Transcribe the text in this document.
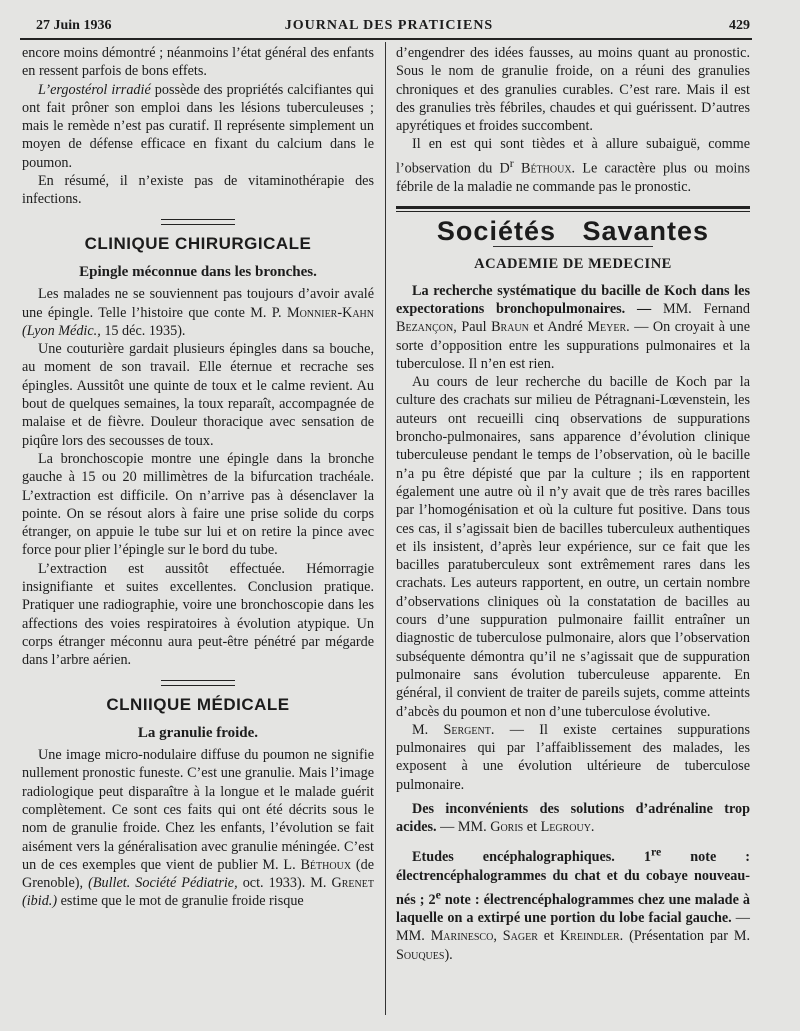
27 Juin 1936	JOURNAL DES PRATICIENS	429

encore moins démontré ; néanmoins l’état général des enfants en ressent parfois de bons effets.

L’ergostérol irradié possède des propriétés calcifiantes qui ont fait prôner son emploi dans les lésions tuberculeuses ; mais le remède n’est pas curatif. Il représente simplement un moyen de défense efficace en fixant du calcium dans le poumon.

En résumé, il n’existe pas de vitaminothérapie des infections.

CLINIQUE CHIRURGICALE
Epingle méconnue dans les bronches.

Les malades ne se souviennent pas toujours d’avoir avalé une épingle. Telle l’histoire que conte M. P. Monnier-Kahn (Lyon Médic., 15 déc. 1935).

Une couturière gardait plusieurs épingles dans sa bouche, au moment de son travail. Elle éternue et recrache ses épingles. Aussitôt une quinte de toux et le calme revient. Au bout de quelques semaines, la toux reparaît, accompagnée de malaise et de fièvre. Douleur thoracique avec sensation de piqûre lors des secousses de toux.

La bronchoscopie montre une épingle dans la bronche gauche à 15 ou 20 millimètres de la bifurcation trachéale. L’extraction est difficile. On n’arrive pas à désenclaver la pointe. On se résout alors à faire une prise solide du corps étranger, on appuie le tube sur lui et on retire la pince avec force pour plier l’épingle sur le bord du tube.

L’extraction est aussitôt effectuée. Hémorragie insignifiante et suites excellentes. Conclusion pratique. Pratiquer une radiographie, voire une bronchoscopie dans les affections des voies respiratoires à évolution atypique. Un corps étranger méconnu aura peut-être pénétré par mégarde dans l’arbre aérien.

CLNIIQUE MÉDICALE
La granulie froide.

Une image micro-nodulaire diffuse du poumon ne signifie nullement pronostic funeste. C’est une granulie. Mais l’image radiologique peut disparaître à la longue et le malade guérit complètement. Ce sont ces faits qui ont été décrits sous le nom de granulie froide. Chez les enfants, l’évolution se fait aisément vers la généralisation avec granulie méningée. C’est un de ces exemples que vient de publier M. L. Béthoux (de Grenoble), (Bullet. Société Pédiatrie, oct. 1933). M. Grenet (ibid.) estime que le mot de granulie froide risque

d’engendrer des idées fausses, au moins quant au pronostic. Sous le nom de granulie froide, on a réuni des granulies chroniques et des granulies curables. C’est rare. Mais il est des granulies très fébriles, chaudes et qui guérissent. D’autres apyrétiques et froides succombent.

Il en est qui sont tièdes et à allure subaiguë, comme l’observation du $D^r$ Béthoux. Le caractère plus ou moins fébrile de la maladie ne commande pas le pronostic.

Sociétés Savantes
ACADEMIE DE MEDECINE

La recherche systématique du bacille de Koch dans les expectorations bronchopulmonaires. — MM. Fernand Bezançon, Paul Braun et André Meyer. — On croyait à une sorte d’opposition entre les suppurations pulmonaires et la tuberculose. Il n’en est rien.

Au cours de leur recherche du bacille de Koch par la culture des crachats sur milieu de Pétragnani-Lœvenstein, les auteurs ont recueilli cinq observations de suppurations broncho-pulmonaires, sans apparence d’évolution clinique tuberculeuse pendant le temps de l’observation, où le bacille n’a pu être dépisté que par la culture ; ils en rapportent également une autre où il n’y avait que de très rares bacilles par l’homogénisation et où la culture fut positive. Dans tous ces cas, il s’agissait bien de bacilles tuberculeux authentiques et ils insistent, d’après leur expérience, sur ce fait que les bacilles paratuberculeux sont extrêmement rares dans les crachats. Les auteurs rapportent, en outre, un certain nombre d’observations cliniques où la constatation de bacilles au cours d’une suppuration pulmonaire faillit entraîner un diagnostic de tuberculose pulmonaire, alors que l’observation subséquente démontra qu’il ne s’agissait que de suppuration pulmonaire sans évolution tuberculeuse apparente. En général, il convient de traiter de pareils sujets, comme atteints d’abcès du poumon et non d’une tuberculose évolutive.

M. Sergent. — Il existe certaines suppurations pulmonaires qui par l’affaiblissement des malades, les exposent à une évolution ultérieure de tuberculose pulmonaire.

Des inconvénients des solutions d’adrénaline trop acides. — MM. Goris et Legrouy.

Etudes encéphalographiques. 1re note : électrencéphalogrammes du chat et du cobaye nouveau-nés ; 2e note : électrencéphalogrammes chez une malade à laquelle on a extirpé une portion du lobe facial gauche. — MM. Marinesco, Sager et Kreindler. (Présentation par M. Souques).
